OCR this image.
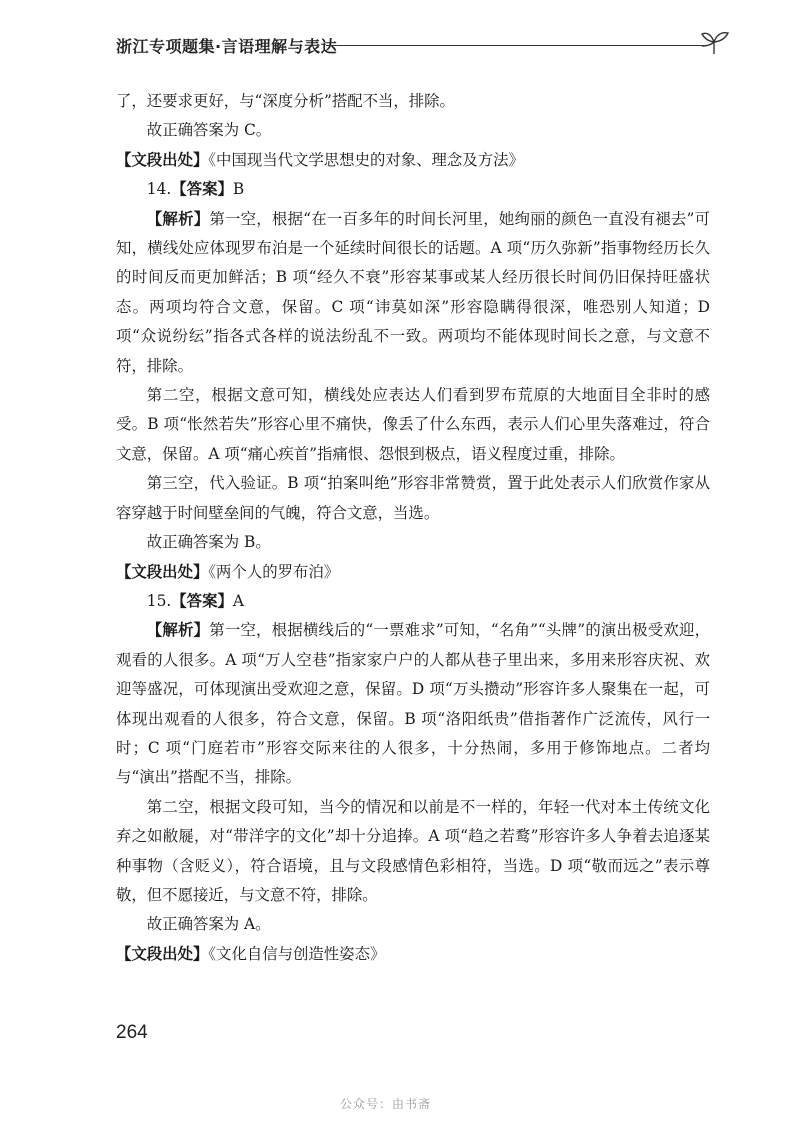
浙江专项题集·言语理解与表达

了，还要求更好，与“深度分析”搭配不当，排除。

故正确答案为 C。

【文段出处】《中国现当代文学思想史的对象、理念及方法》

14.【答案】B

【解析】第一空，根据“在一百多年的时间长河里，她绚丽的颜色一直没有褪去”可知，横线处应体现罗布泊是一个延续时间很长的话题。A 项“历久弥新”指事物经历长久的时间反而更加鲜活；B 项“经久不衰”形容某事或某人经历很长时间仍旧保持旺盛状态。两项均符合文意，保留。C 项“讳莫如深”形容隐瞒得很深，唯恐别人知道；D 项“众说纷纭”指各式各样的说法纷乱不一致。两项均不能体现时间长之意，与文意不符，排除。

第二空，根据文意可知，横线处应表达人们看到罗布荒原的大地面目全非时的感受。B 项“怅然若失”形容心里不痛快，像丢了什么东西，表示人们心里失落难过，符合文意，保留。A 项“痛心疾首”指痛恨、怨恨到极点，语义程度过重，排除。

第三空，代入验证。B 项“拍案叫绝”形容非常赞赏，置于此处表示人们欣赏作家从容穿越于时间壁垒间的气魄，符合文意，当选。

故正确答案为 B。

【文段出处】《两个人的罗布泊》

15.【答案】A

【解析】第一空，根据横线后的“一票难求”可知，“名角”“头牌”的演出极受欢迎，观看的人很多。A 项“万人空巷”指家家户户的人都从巷子里出来，多用来形容庆祝、欢迎等盛况，可体现演出受欢迎之意，保留。D 项“万头攒动”形容许多人聚集在一起，可体现出观看的人很多，符合文意，保留。B 项“洛阳纸贵”借指著作广泛流传，风行一时；C 项“门庭若市”形容交际来往的人很多，十分热闹，多用于修饰地点。二者均与“演出”搭配不当，排除。

第二空，根据文段可知，当今的情况和以前是不一样的，年轻一代对本土传统文化弃之如敝屣，对“带洋字的文化”却十分追捧。A 项“趋之若鹜”形容许多人争着去追逐某种事物（含贬义），符合语境，且与文段感情色彩相符，当选。D 项“敬而远之”表示尊敬，但不愿接近，与文意不符，排除。

故正确答案为 A。

【文段出处】《文化自信与创造性姿态》

264
公众号：由书斋
